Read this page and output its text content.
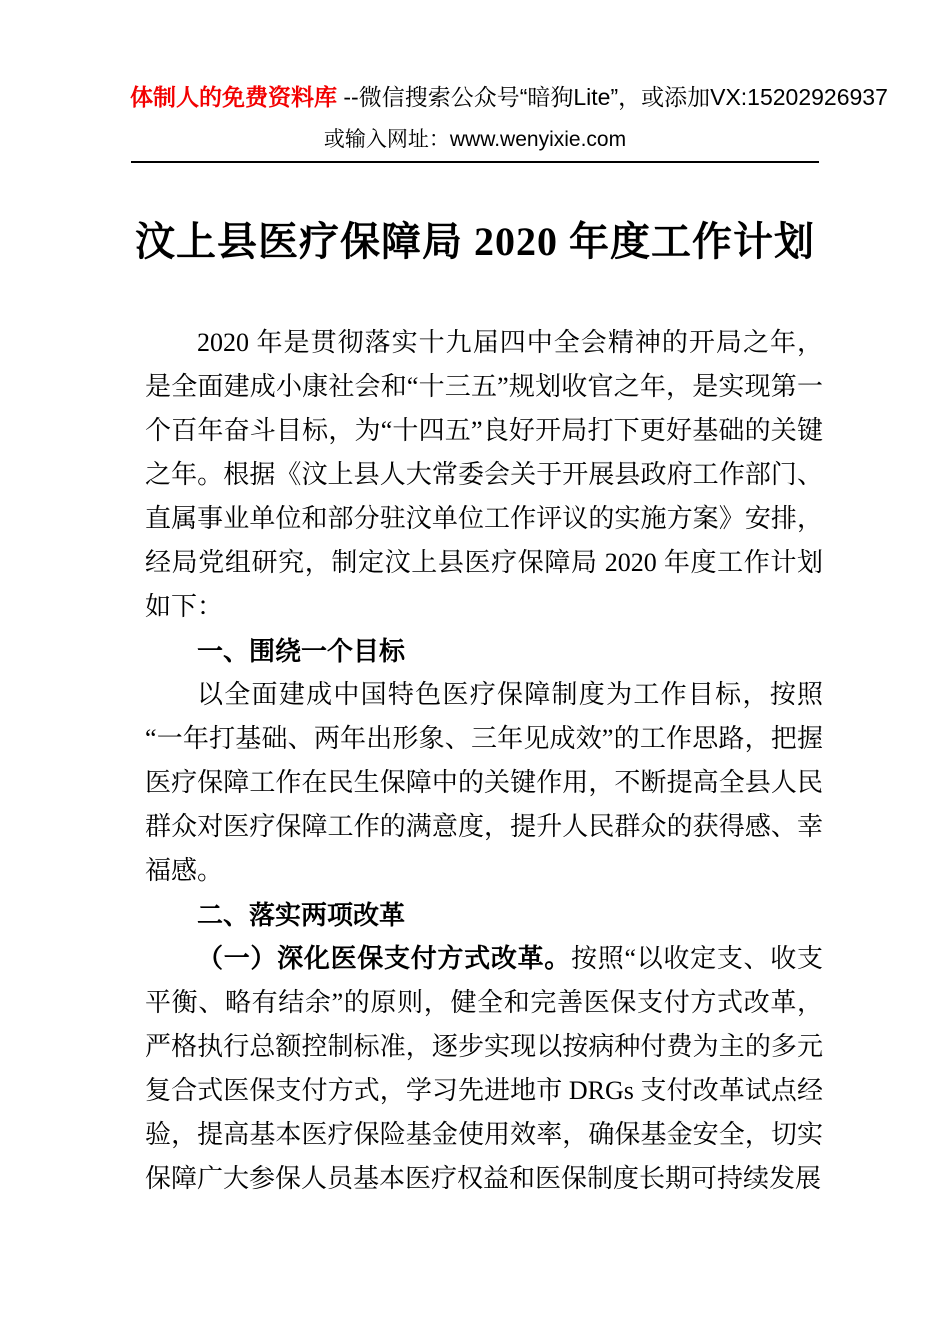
体制人的免费资料库 --微信搜索公众号“暗狗Lite”，或添加VX:15202926937
或输入网址：www.wenyixie.com
汶上县医疗保障局 2020 年度工作计划

2020 年是贯彻落实十九届四中全会精神的开局之年，是全面建成小康社会和“十三五”规划收官之年，是实现第一个百年奋斗目标，为“十四五”良好开局打下更好基础的关键之年。根据《汶上县人大常委会关于开展县政府工作部门、直属事业单位和部分驻汶单位工作评议的实施方案》安排，经局党组研究，制定汶上县医疗保障局 2020 年度工作计划如下：

一、围绕一个目标

以全面建成中国特色医疗保障制度为工作目标，按照“一年打基础、两年出形象、三年见成效”的工作思路，把握医疗保障工作在民生保障中的关键作用，不断提高全县人民群众对医疗保障工作的满意度，提升人民群众的获得感、幸福感。

二、落实两项改革

（一）深化医保支付方式改革。按照“以收定支、收支平衡、略有结余”的原则，健全和完善医保支付方式改革，严格执行总额控制标准，逐步实现以按病种付费为主的多元复合式医保支付方式，学习先进地市 DRGs 支付改革试点经验，提高基本医疗保险基金使用效率，确保基金安全，切实保障广大参保人员基本医疗权益和医保制度长期可持续发展
